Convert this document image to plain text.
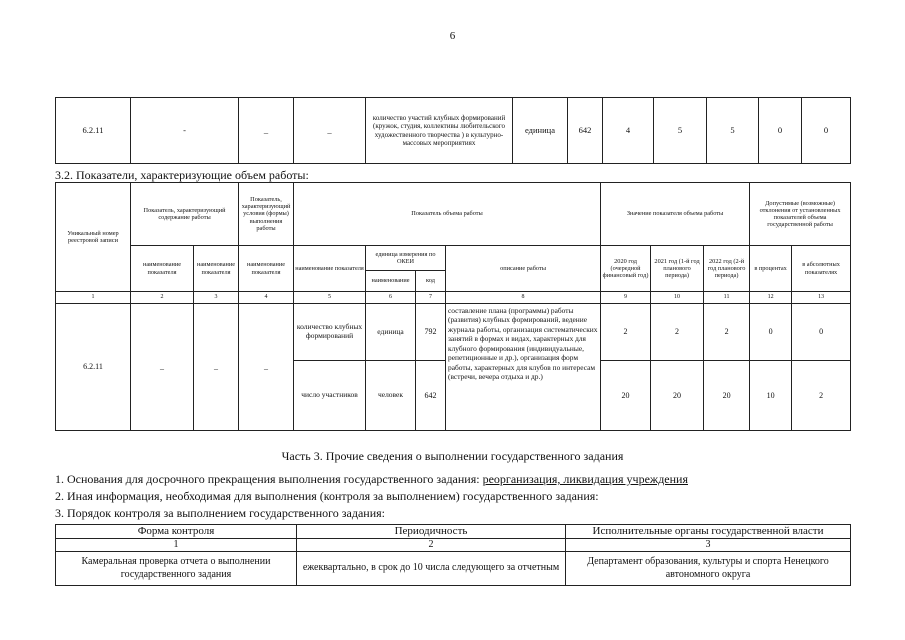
6
6.2.11	-	_	_	количество участий клубных формирований (кружок, студия, коллективы любительского художественного творчества ) в культурно-массовых мероприятиях	единица	642	4	5	5	0	0
3.2. Показатели, характеризующие объем работы:
Уникальный номер реестровой записи	Показатель, характеризующий содержание работы		Показатель, характеризующий условия (формы) выполнения работы	Показатель объема работы				Значение показателя объема работы			Допустимые (возможные) отклонения от установленных показателей объема государственной работы	
	наименование показателя	наименование показателя	наименование показателя	наименование показателя	единица измерения по ОКЕИ		описание работы	2020 год (очередной финансовый год)	2021 год (1-й год планового периода)	2022 год (2-й год планового периода)	в процентах	в абсолютных показателях
					наименование	код						
1	2	3	4	5	6	7	8	9	10	11	12	13
6.2.11	_	_	_	количество клубных формирований	единица	792	составление плана (программы) работы (развития) клубных формирований, ведение журнала работы, организация систематических занятий в формах и видах, характерных для клубного формирования (индивидуальные, репетиционные и др.), организация форм работы, характерных для клубов по интересам (встречи, вечера отдыха и др.)	2	2	2	0	0
				число участников	человек	642		20	20	20	10	2
Часть 3. Прочие сведения о выполнении государственного задания
1. Основания для досрочного прекращения выполнения государственного задания: реорганизация, ликвидация учреждения
2. Иная информация, необходимая для выполнения (контроля за выполнением) государственного задания:
3. Порядок контроля за выполнением государственного задания:
Форма контроля	Периодичность	Исполнительные органы государственной власти
1	2	3
Камеральная проверка отчета о выполнении государственного задания	ежеквартально, в срок до 10 числа следующего за отчетным	Департамент образования, культуры и спорта Ненецкого автономного округа
